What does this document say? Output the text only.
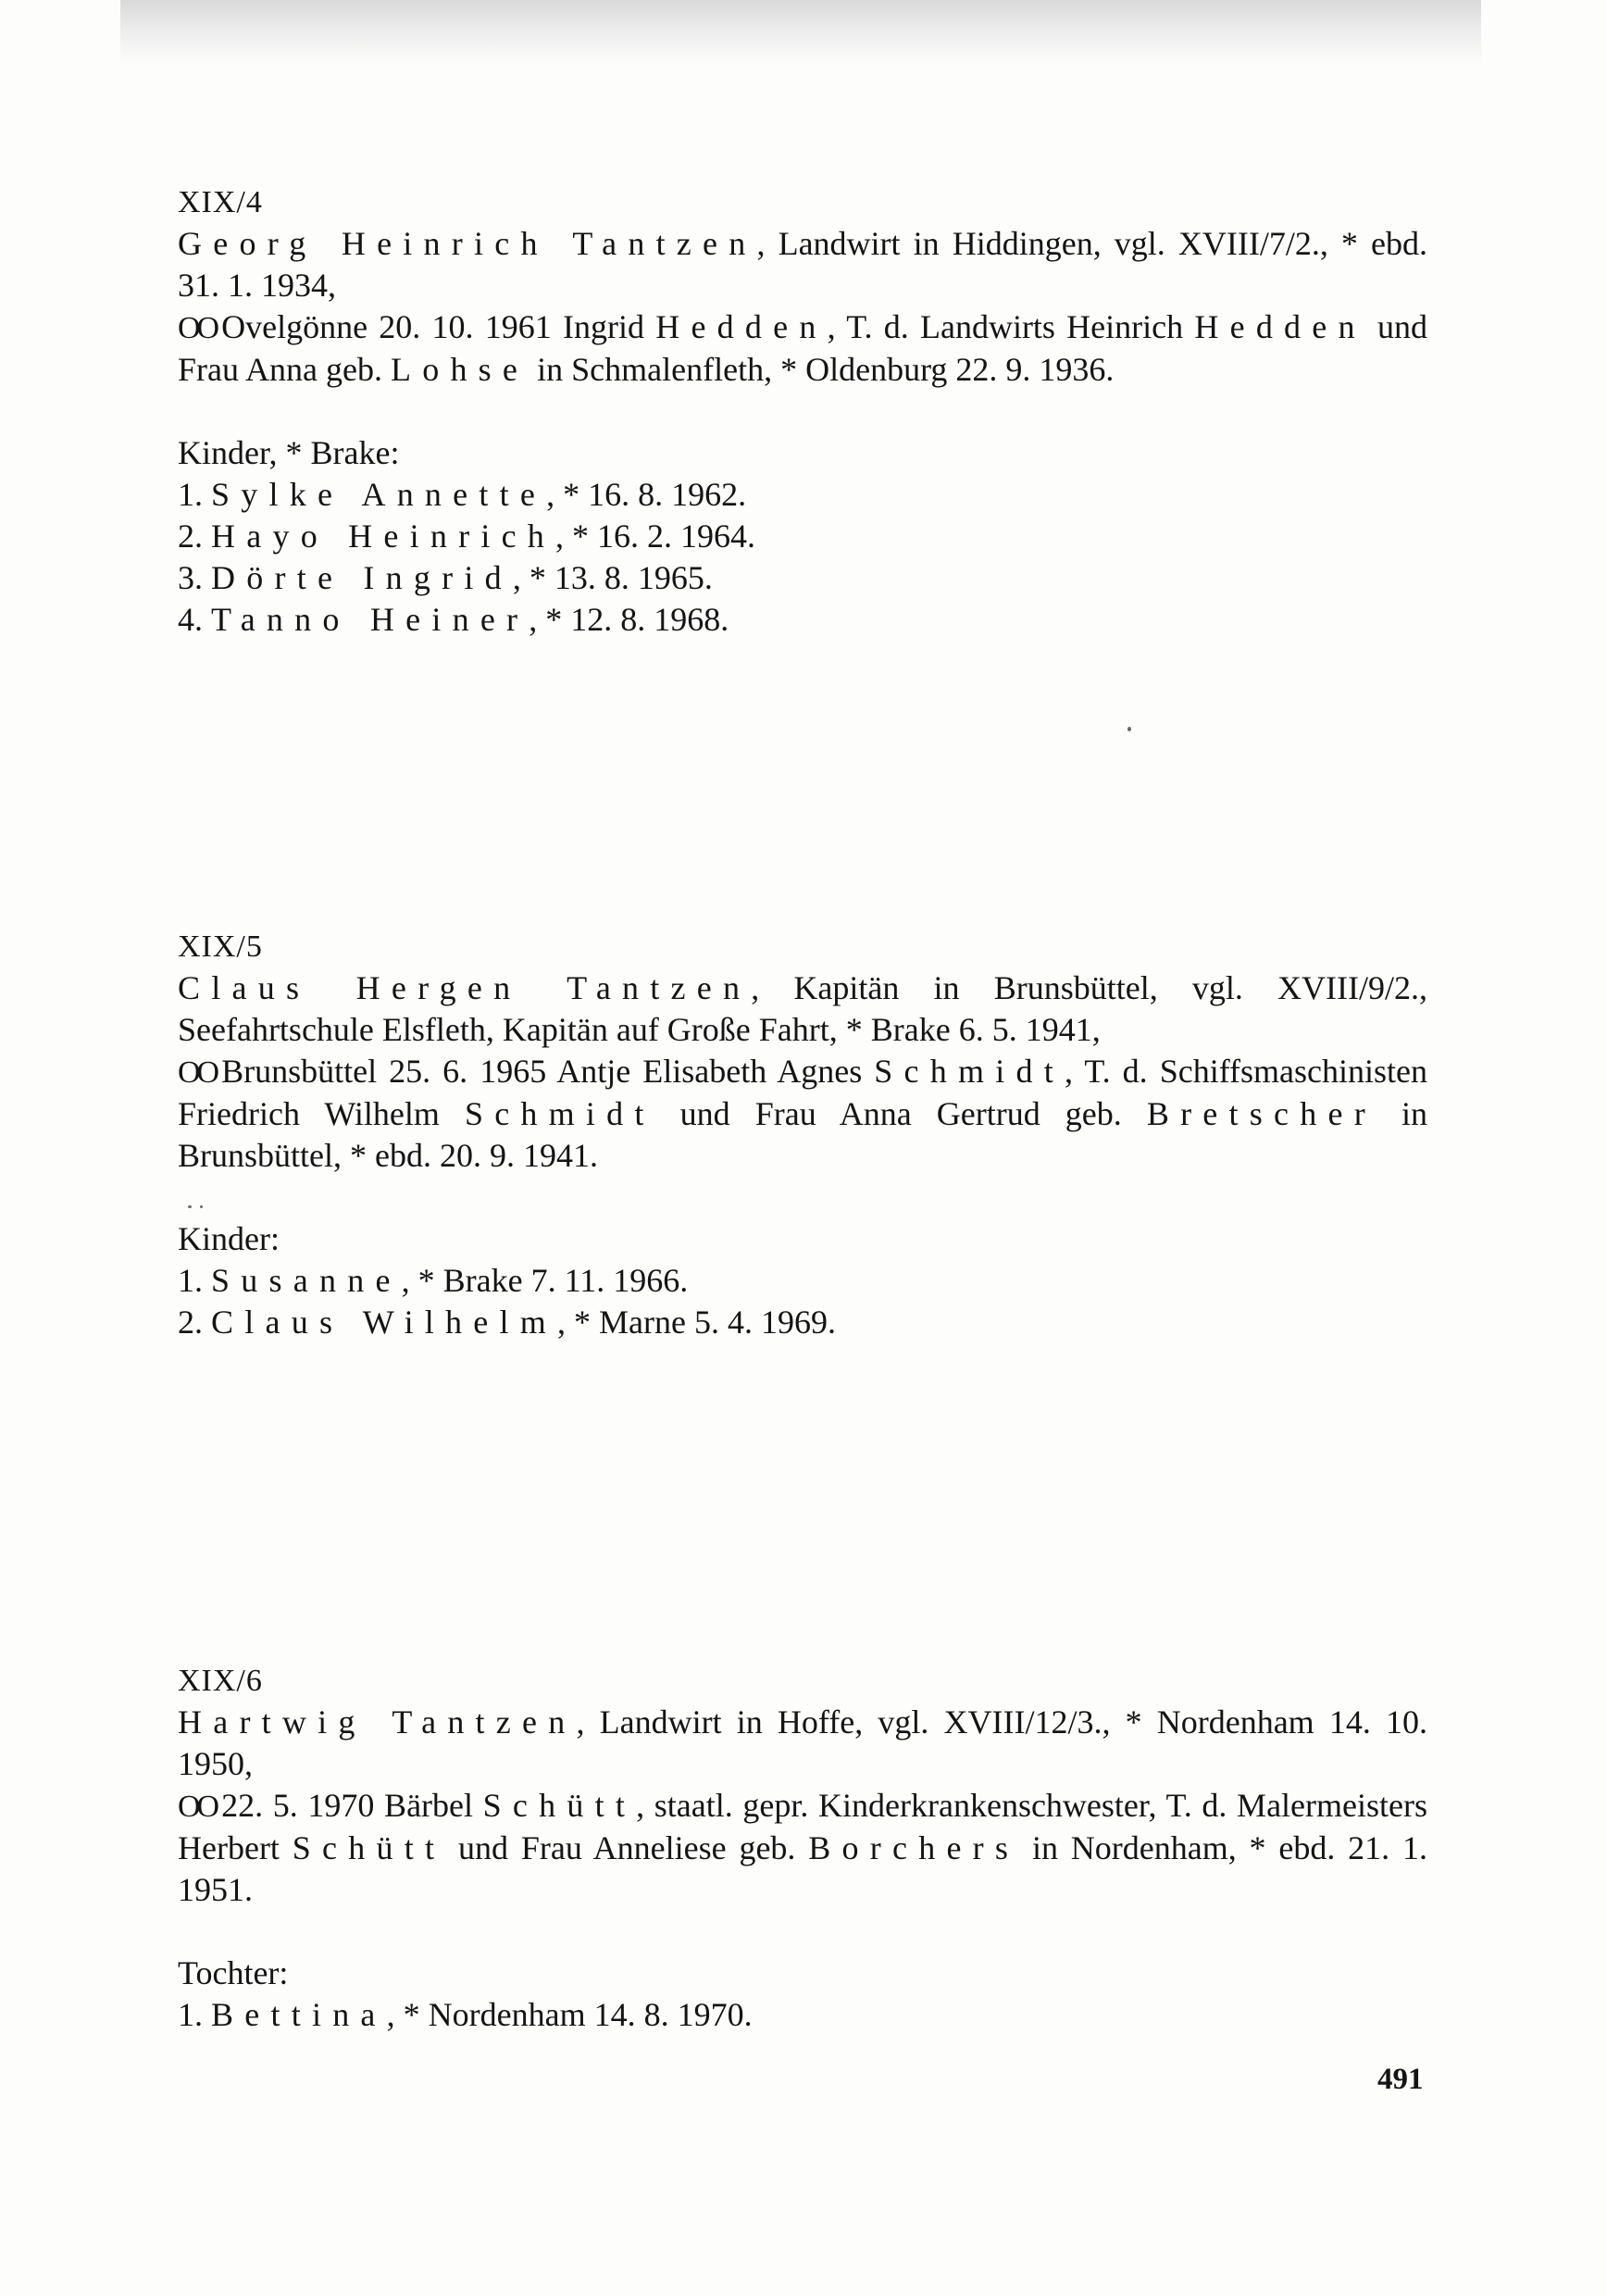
XIX/4

Georg Heinrich Tantzen, Landwirt in Hiddingen, vgl. XVIII/7/2., * ebd. 31. 1. 1934,

OO Ovelgönne 20. 10. 1961 Ingrid Hedden, T. d. Landwirts Heinrich Hedden und Frau Anna geb. Lohse in Schmalenfleth, * Oldenburg 22. 9. 1936.

Kinder, * Brake:

1. Sylke Annette, * 16. 8. 1962.

2. Hayo Heinrich, * 16. 2. 1964.

3. Dörte Ingrid, * 13. 8. 1965.

4. Tanno Heiner, * 12. 8. 1968.

XIX/5

Claus Hergen Tantzen, Kapitän in Brunsbüttel, vgl. XVIII/9/2., Seefahrtschule Elsfleth, Kapitän auf Große Fahrt, * Brake 6. 5. 1941,

OO Brunsbüttel 25. 6. 1965 Antje Elisabeth Agnes Schmidt, T. d. Schiffsmaschinisten Friedrich Wilhelm Schmidt und Frau Anna Gertrud geb. Bretscher in Brunsbüttel, * ebd. 20. 9. 1941.

Kinder:

1. Susanne, * Brake 7. 11. 1966.

2. Claus Wilhelm, * Marne 5. 4. 1969.

XIX/6

Hartwig Tantzen, Landwirt in Hoffe, vgl. XVIII/12/3., * Nordenham 14. 10. 1950,

OO 22. 5. 1970 Bärbel Schütt, staatl. gepr. Kinderkrankenschwester, T. d. Malermeisters Herbert Schütt und Frau Anneliese geb. Borchers in Nordenham, * ebd. 21. 1. 1951.

Tochter:

1. Bettina, * Nordenham 14. 8. 1970.

491
